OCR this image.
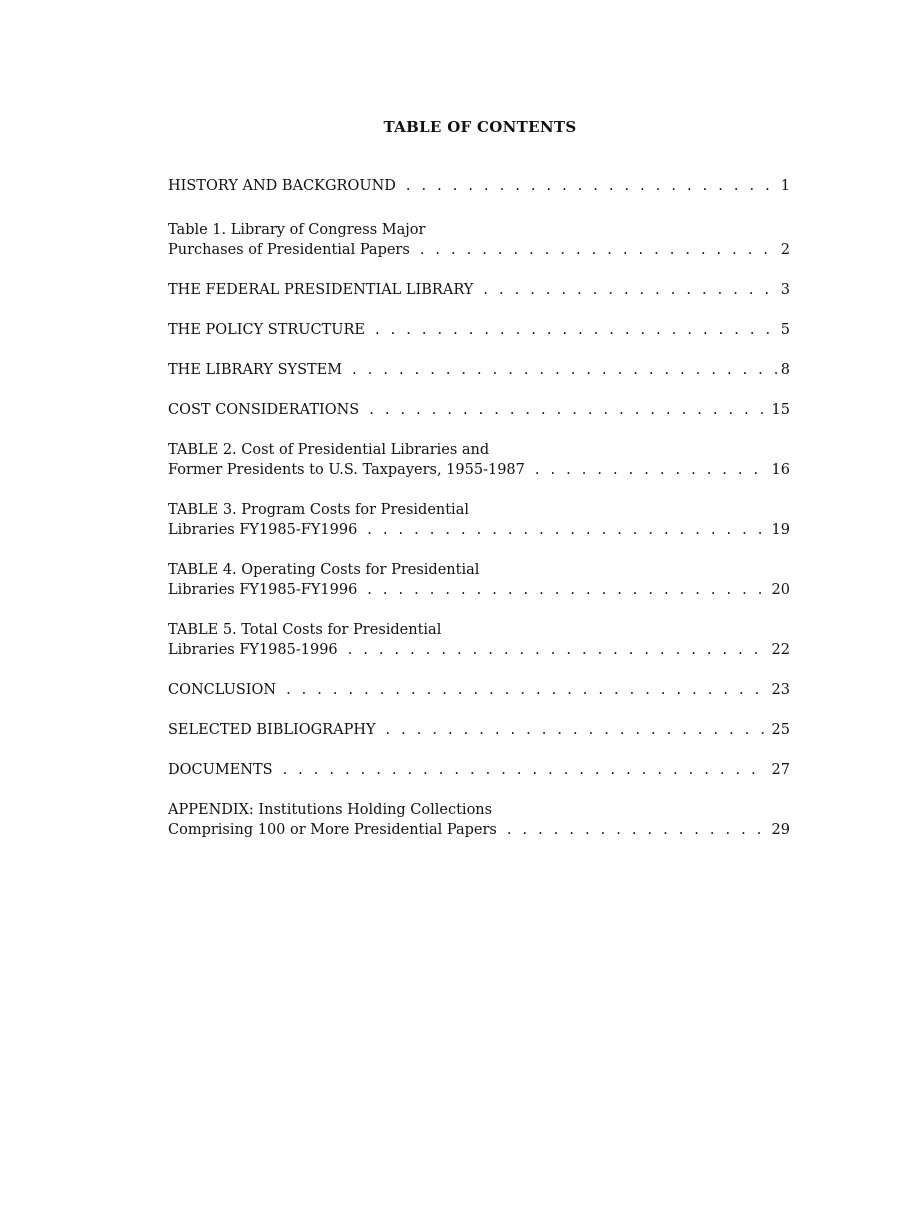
TABLE OF CONTENTS
HISTORY AND BACKGROUND . . .	1
Table 1. Library of Congress Major
Purchases of Presidential Papers . . .	2
THE FEDERAL PRESIDENTIAL LIBRARY . . .	3
THE POLICY STRUCTURE . . .	5
THE LIBRARY SYSTEM . . .	8
COST CONSIDERATIONS . . .	15
TABLE 2. Cost of Presidential Libraries and
Former Presidents to U.S. Taxpayers, 1955-1987 . . .	16
TABLE 3. Program Costs for Presidential
Libraries FY1985-FY1996 . . .	19
TABLE 4. Operating Costs for Presidential
Libraries FY1985-FY1996 . . .	20
TABLE 5. Total Costs for Presidential
Libraries FY1985-1996 . . .	22
CONCLUSION . . .	23
SELECTED BIBLIOGRAPHY . . .	25
DOCUMENTS . . .	27
APPENDIX: Institutions Holding Collections
Comprising 100 or More Presidential Papers . . .	29
